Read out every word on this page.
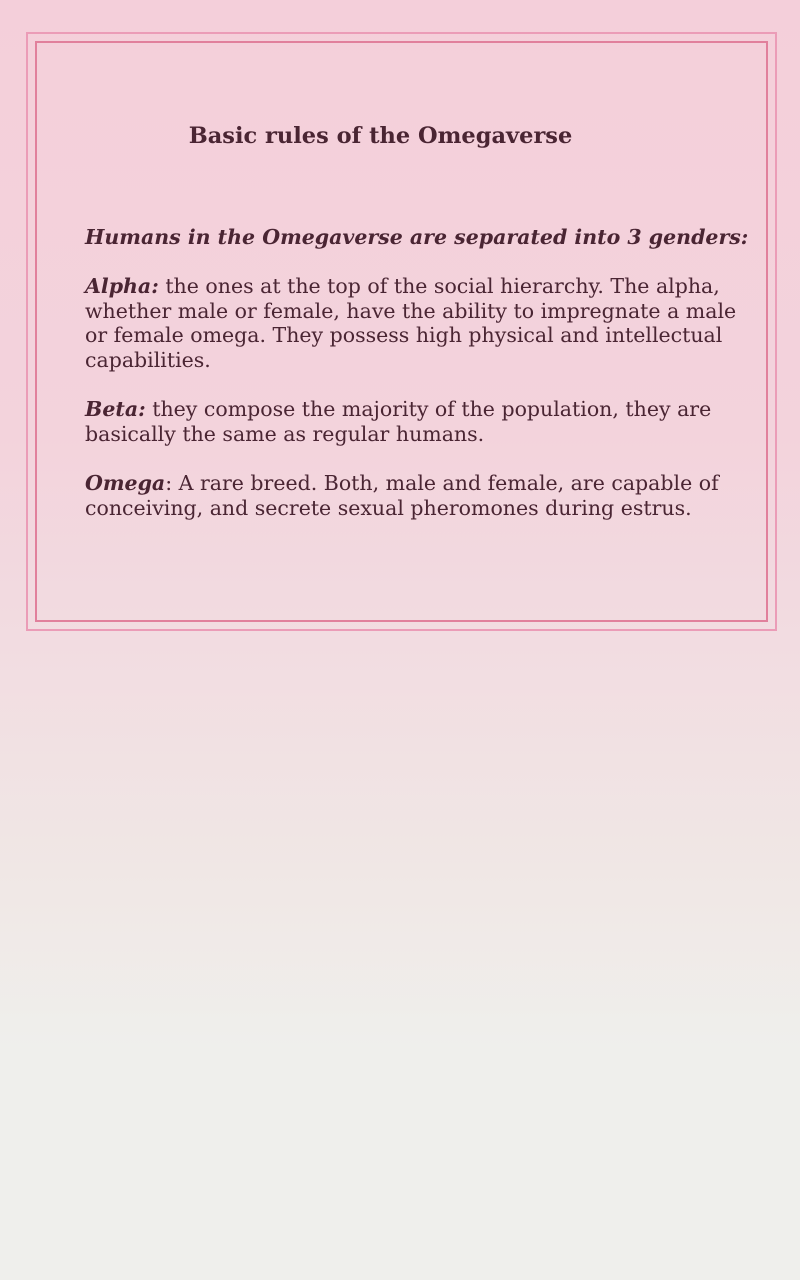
Basic rules of the Omegaverse

Humans in the Omegaverse are separated into 3 genders:

Alpha: the ones at the top of the social hierarchy. The alpha,
whether male or female, have the ability to impregnate a male
or female omega. They possess high physical and intellectual
capabilities.

Beta: they compose the majority of the population, they are
basically the same as regular humans.

Omega: A rare breed. Both, male and female, are capable of
conceiving, and secrete sexual pheromones during estrus.
